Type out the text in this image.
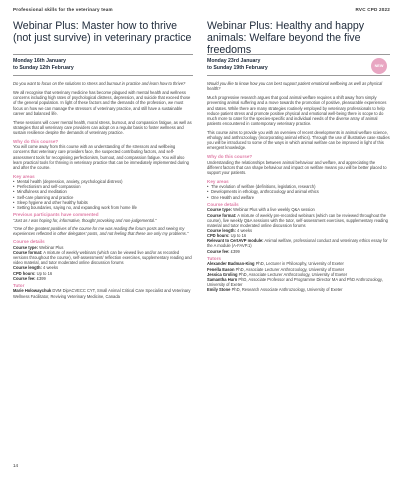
Professional skills for the veterinary team	RVC CPD 2022
Webinar Plus: Master how to thrive (not just survive) in veterinary practice
Monday 16th January
to Sunday 12th February

Do you want to focus on the solutions to stress and burnout in practice and learn how to thrive?

We all recognise that veterinary medicine has become plagued with mental health and wellness concerns including high rates of psychological distress, depression, and suicide that exceed those of the general population. In light of these factors and the demands of the profession, we must focus on how we can manage the stressors of veterinary practice, and still have a sustainable career and balanced life.

These sessions will cover mental health, moral stress, burnout, and compassion fatigue, as well as strategies that all veterinary care providers can adopt on a regular basis to foster wellness and sustain resilience despite the demands of veterinary practice.

Why do this course?

You will come away from this course with an understanding of the stressors and wellbeing concerns that veterinary care providers face, the suspected contributing factors, and self-assessment tools for recognising perfectionism, burnout, and compassion fatigue. You will also learn practical tools for thriving in veterinary practice that can be immediately implemented during and after the course.

Key areas
• Mental health (depression, anxiety, psychological distress)
• Perfectionism and self-compassion
• Mindfulness and meditation
• Self-care planning and practice
• Sleep hygiene and other healthy habits
• Setting boundaries, saying no, and expanding work from home life
Previous participants have commented

"Just as I was hoping for, informative, thought provoking and non-judgemental."

"One of the greatest positives of the course for me was reading the forum posts and seeing my experiences reflected in other delegates' posts, and not feeling that these are only my problems."

Course details
Course type: Webinar Plus
Course format: A mixture of weekly webinars (which can be viewed live and/or as recorded versions throughout the course), self-assessment/ reflection exercises, supplementary reading and video material, and tutor moderated online discussion forums
Course length: 4 weeks
CPD hours: Up to 16
Course fee: £399
Tutor
Marie Holowaychuk DVM DipACVECC CYT, Small Animal Critical Care Specialist and Veterinary Wellness Facilitator, Reviving Veterinary Medicine, Canada
Webinar Plus: Healthy and happy animals: Welfare beyond the five freedoms
Monday 23rd January
to Sunday 19th February	NEW

Would you like to know how you can best support patient emotional wellbeing as well as physical health?

Much progressive research argues that good animal welfare requires a shift away from simply preventing animal suffering and a move towards the promotion of positive, pleasurable experiences and states. While there are many strategies routinely employed by veterinary professionals to help reduce patient stress and promote positive physical and emotional well-being there is scope to do much more to cater for the species-specific and individual needs of the diverse array of animal patients encountered in contemporary veterinary practice.

This course aims to provide you with an overview of recent developments in animal welfare science, ethology and anthrozoology (incorporating animal ethics). Through the use of illustrative case studies you will be introduced to some of the ways in which animal welfare can be improved in light of this emergent knowledge.

Why do this course?

Understanding the relationships between animal behaviour and welfare, and appreciating the different factors that can shape behaviour and impact on welfare means you will be better placed to support your patients.

Key areas
• The evolution of welfare (definitions, legislation, research)
• Developments in ethology, anthrozoology and animal ethics
• One Health and welfare
Course details
Course type: Webinar Plus with a live weekly Q&A session
Course format: A mixture of weekly pre-recorded webinars (which can be reviewed throughout the course), live weekly Q&A sessions with the tutor, self-assessment exercises, supplementary reading material and tutor moderated online discussion forums
Course length: 4 weeks
CPD hours: Up to 16
Relevant to CertAVP module: Animal welfare, professional conduct and veterinary ethics essay for the A module (A-FAVP.1)
Course fee: £399
Tutors
Alexander Badman-King PhD, Lecturer in Philosophy, University of Exeter
Fenella Eason PhD, Associate Lecturer Anthrozoology, University of Exeter
Jessica Groling PhD, Associate Lecturer Anthrozoology, University of Exeter
Samantha Hurn PhD, Associate Professor and Programme Director MA and PhD Anthrozoology, University of Exeter
Emily Stone PhD, Research Associate Anthrozoology, University of Exeter
14
